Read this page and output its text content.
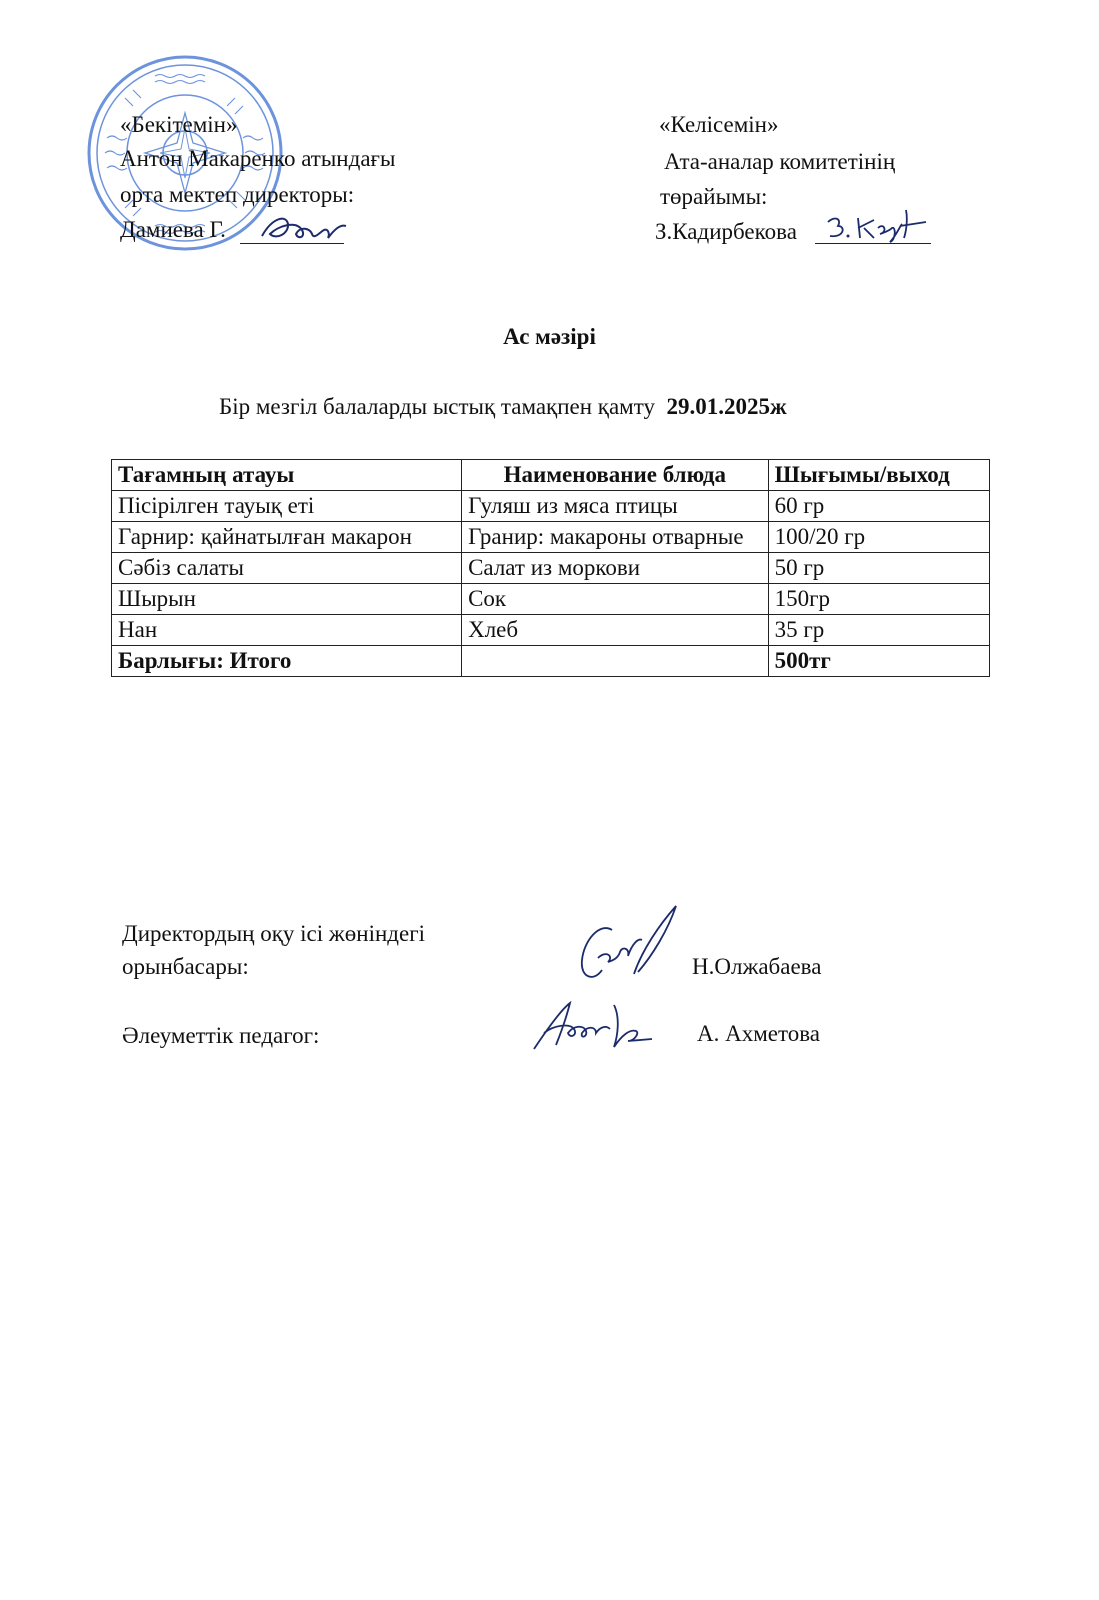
«Бекітемін»
Антон Макаренко атындағы
орта мектеп директоры:
Дамиева Г.
«Келісемін»
Ата-аналар комитетінің
төрайымы:
З.Кадирбекова
Ас мәзірі
Бір мезгіл балаларды ыстық тамақпен қамту 29.01.2025ж
Тағамның атауы	Наименование блюда	Шығымы/выход
Пісірілген тауық еті	Гуляш из мяса птицы	60 гр
Гарнир: қайнатылған макарон	Гранир: макароны отварные	100/20 гр
Сәбіз салаты	Салат из моркови	50 гр
Шырын	Сок	150гр
Нан	Хлеб	35 гр
Барлығы: Итого		500тг
Директордың оқу ісі жөніндегі
орынбасары:	Н.Олжабаева
Әлеуметтік педагог:	А. Ахметова
